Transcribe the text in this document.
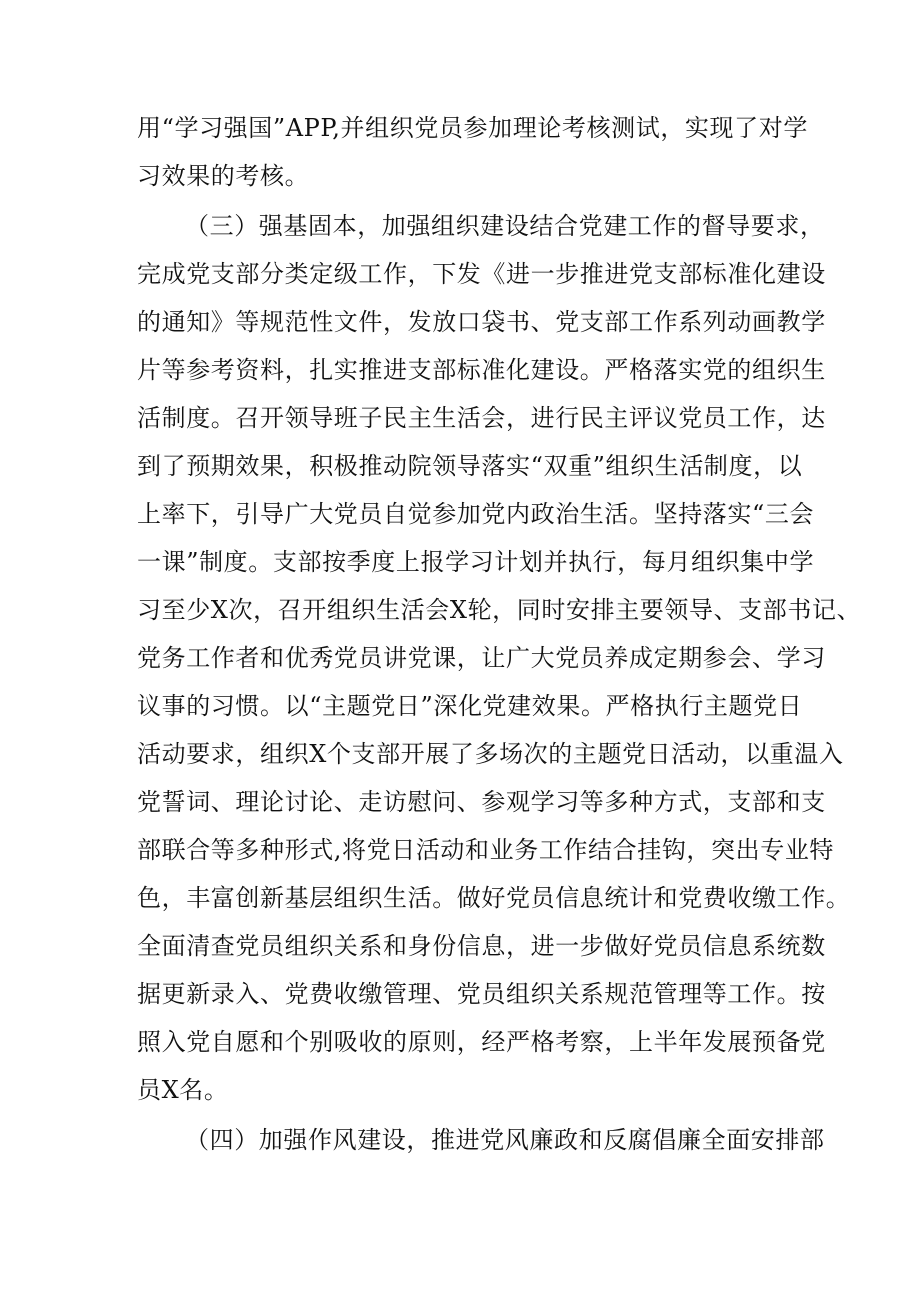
用“学习强国”APP,并组织党员参加理论考核测试，实现了对学
习效果的考核。
（三）强基固本，加强组织建设结合党建工作的督导要求，
完成党支部分类定级工作，下发《进一步推进党支部标准化建设
的通知》等规范性文件，发放口袋书、党支部工作系列动画教学
片等参考资料，扎实推进支部标准化建设。严格落实党的组织生
活制度。召开领导班子民主生活会，进行民主评议党员工作，达
到了预期效果，积极推动院领导落实“双重”组织生活制度，以
上率下，引导广大党员自觉参加党内政治生活。坚持落实“三会
一课”制度。支部按季度上报学习计划并执行，每月组织集中学
习至少X次，召开组织生活会X轮，同时安排主要领导、支部书记、
党务工作者和优秀党员讲党课，让广大党员养成定期参会、学习
议事的习惯。以“主题党日”深化党建效果。严格执行主题党日
活动要求，组织X个支部开展了多场次的主题党日活动，以重温入
党誓词、理论讨论、走访慰问、参观学习等多种方式，支部和支
部联合等多种形式,将党日活动和业务工作结合挂钩，突出专业特
色，丰富创新基层组织生活。做好党员信息统计和党费收缴工作。
全面清查党员组织关系和身份信息，进一步做好党员信息系统数
据更新录入、党费收缴管理、党员组织关系规范管理等工作。按
照入党自愿和个别吸收的原则，经严格考察，上半年发展预备党
员X名。
（四）加强作风建设，推进党风廉政和反腐倡廉全面安排部
